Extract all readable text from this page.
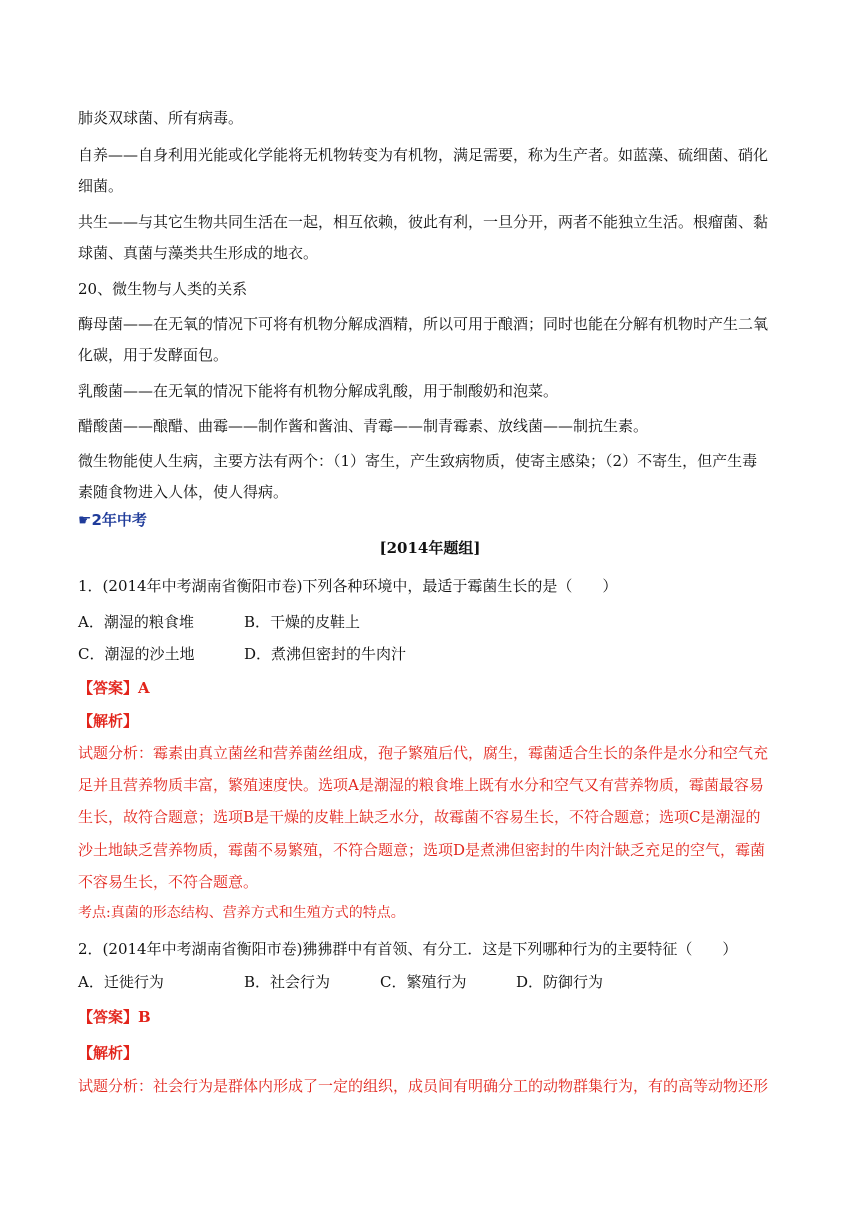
肺炎双球菌、所有病毒。
自养——自身利用光能或化学能将无机物转变为有机物，满足需要，称为生产者。如蓝藻、硫细菌、硝化
细菌。
共生——与其它生物共同生活在一起，相互依赖，彼此有利，一旦分开，两者不能独立生活。根瘤菌、黏
球菌、真菌与藻类共生形成的地衣。
20、微生物与人类的关系
酶母菌——在无氧的情况下可将有机物分解成酒精，所以可用于酿酒；同时也能在分解有机物时产生二氧
化碳，用于发酵面包。
乳酸菌——在无氧的情况下能将有机物分解成乳酸，用于制酸奶和泡菜。
醋酸菌——酿醋、曲霉——制作酱和酱油、青霉——制青霉素、放线菌——制抗生素。
微生物能使人生病，主要方法有两个：（1）寄生，产生致病物质，使寄主感染；（2）不寄生，但产生毒
素随食物进入人体，使人得病。
☛2年中考
[2014年题组]
1．(2014年中考湖南省衡阳市卷)下列各种环境中，最适于霉菌生长的是（　　）
A．潮湿的粮食堆	B．干燥的皮鞋上
C．潮湿的沙土地	D．煮沸但密封的牛肉汁
【答案】A
【解析】
试题分析：霉素由真立菌丝和营养菌丝组成，孢子繁殖后代，腐生，霉菌适合生长的条件是水分和空气充
足并且营养物质丰富，繁殖速度快。选项A是潮湿的粮食堆上既有水分和空气又有营养物质，霉菌最容易
生长，故符合题意；选项B是干燥的皮鞋上缺乏水分，故霉菌不容易生长，不符合题意；选项C是潮湿的
沙土地缺乏营养物质，霉菌不易繁殖，不符合题意；选项D是煮沸但密封的牛肉汁缺乏充足的空气，霉菌
不容易生长，不符合题意。
考点:真菌的形态结构、营养方式和生殖方式的特点。
2．(2014年中考湖南省衡阳市卷)狒狒群中有首领、有分工．这是下列哪种行为的主要特征（　　）
A．迁徙行为	B．社会行为	C．繁殖行为	D．防御行为
【答案】B
【解析】
试题分析：社会行为是群体内形成了一定的组织，成员间有明确分工的动物群集行为，有的高等动物还形
